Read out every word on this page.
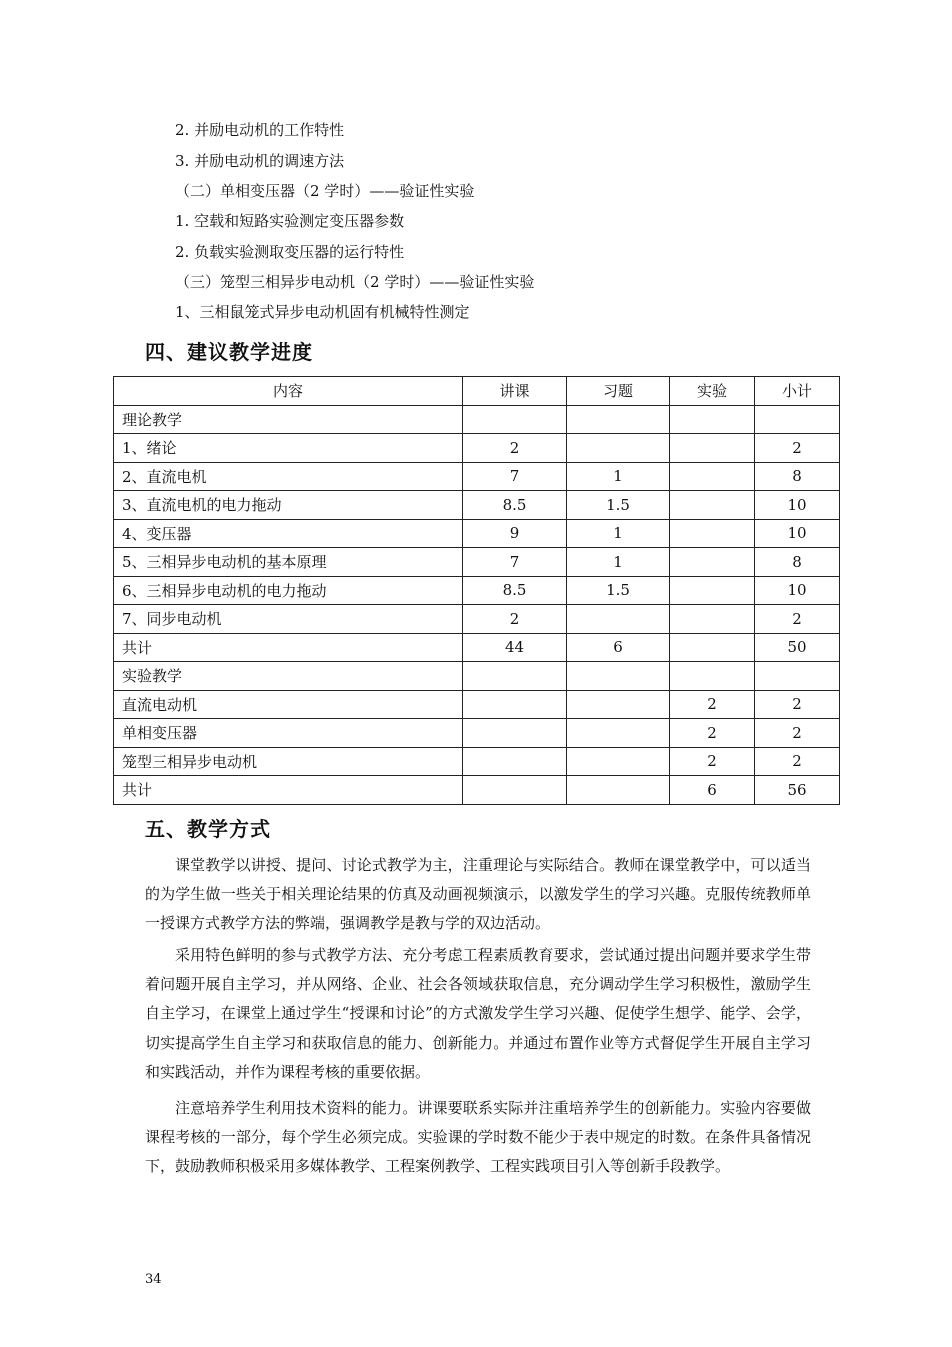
2. 并励电动机的工作特性
3. 并励电动机的调速方法
（二）单相变压器（2 学时）——验证性实验
1. 空载和短路实验测定变压器参数
2. 负载实验测取变压器的运行特性
（三）笼型三相异步电动机（2 学时）——验证性实验
1、三相鼠笼式异步电动机固有机械特性测定
四、建议教学进度
内容	讲课	习题	实验	小计
理论教学				
1、绪论	2			2
2、直流电机	7	1		8
3、直流电机的电力拖动	8.5	1.5		10
4、变压器	9	1		10
5、三相异步电动机的基本原理	7	1		8
6、三相异步电动机的电力拖动	8.5	1.5		10
7、同步电动机	2			2
共计	44	6		50
实验教学				
直流电动机			2	2
单相变压器			2	2
笼型三相异步电动机			2	2
共计			6	56
五、教学方式
课堂教学以讲授、提问、讨论式教学为主，注重理论与实际结合。教师在课堂教学中，可以适当的为学生做一些关于相关理论结果的仿真及动画视频演示，以激发学生的学习兴趣。克服传统教师单一授课方式教学方法的弊端，强调教学是教与学的双边活动。
采用特色鲜明的参与式教学方法、充分考虑工程素质教育要求，尝试通过提出问题并要求学生带着问题开展自主学习，并从网络、企业、社会各领域获取信息，充分调动学生学习积极性，激励学生自主学习，在课堂上通过学生“授课和讨论”的方式激发学生学习兴趣、促使学生想学、能学、会学，切实提高学生自主学习和获取信息的能力、创新能力。并通过布置作业等方式督促学生开展自主学习和实践活动，并作为课程考核的重要依据。
注意培养学生利用技术资料的能力。讲课要联系实际并注重培养学生的创新能力。实验内容要做课程考核的一部分，每个学生必须完成。实验课的学时数不能少于表中规定的时数。在条件具备情况下，鼓励教师积极采用多媒体教学、工程案例教学、工程实践项目引入等创新手段教学。
34
